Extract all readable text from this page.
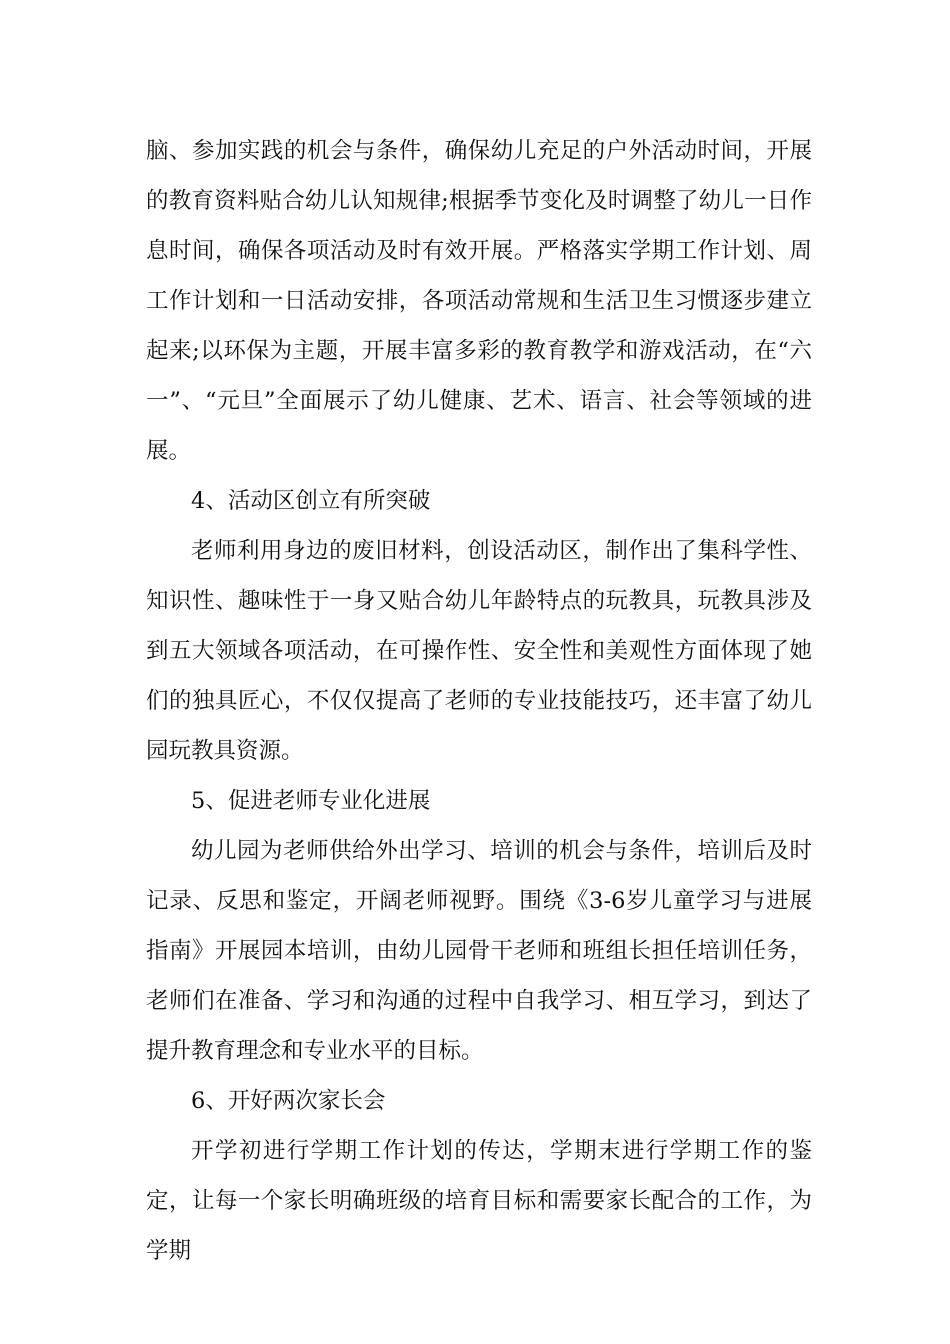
脑、参加实践的机会与条件，确保幼儿充足的户外活动时间，开展的教育资料贴合幼儿认知规律;根据季节变化及时调整了幼儿一日作息时间，确保各项活动及时有效开展。严格落实学期工作计划、周工作计划和一日活动安排，各项活动常规和生活卫生习惯逐步建立起来;以环保为主题，开展丰富多彩的教育教学和游戏活动，在“六一”、“元旦”全面展示了幼儿健康、艺术、语言、社会等领域的进展。

4、活动区创立有所突破

老师利用身边的废旧材料，创设活动区，制作出了集科学性、知识性、趣味性于一身又贴合幼儿年龄特点的玩教具，玩教具涉及到五大领域各项活动，在可操作性、安全性和美观性方面体现了她们的独具匠心，不仅仅提高了老师的专业技能技巧，还丰富了幼儿园玩教具资源。

5、促进老师专业化进展

幼儿园为老师供给外出学习、培训的机会与条件，培训后及时记录、反思和鉴定，开阔老师视野。围绕《3-6岁儿童学习与进展指南》开展园本培训，由幼儿园骨干老师和班组长担任培训任务，老师们在准备、学习和沟通的过程中自我学习、相互学习，到达了提升教育理念和专业水平的目标。

6、开好两次家长会

开学初进行学期工作计划的传达，学期末进行学期工作的鉴定，让每一个家长明确班级的培育目标和需要家长配合的工作，为学期
